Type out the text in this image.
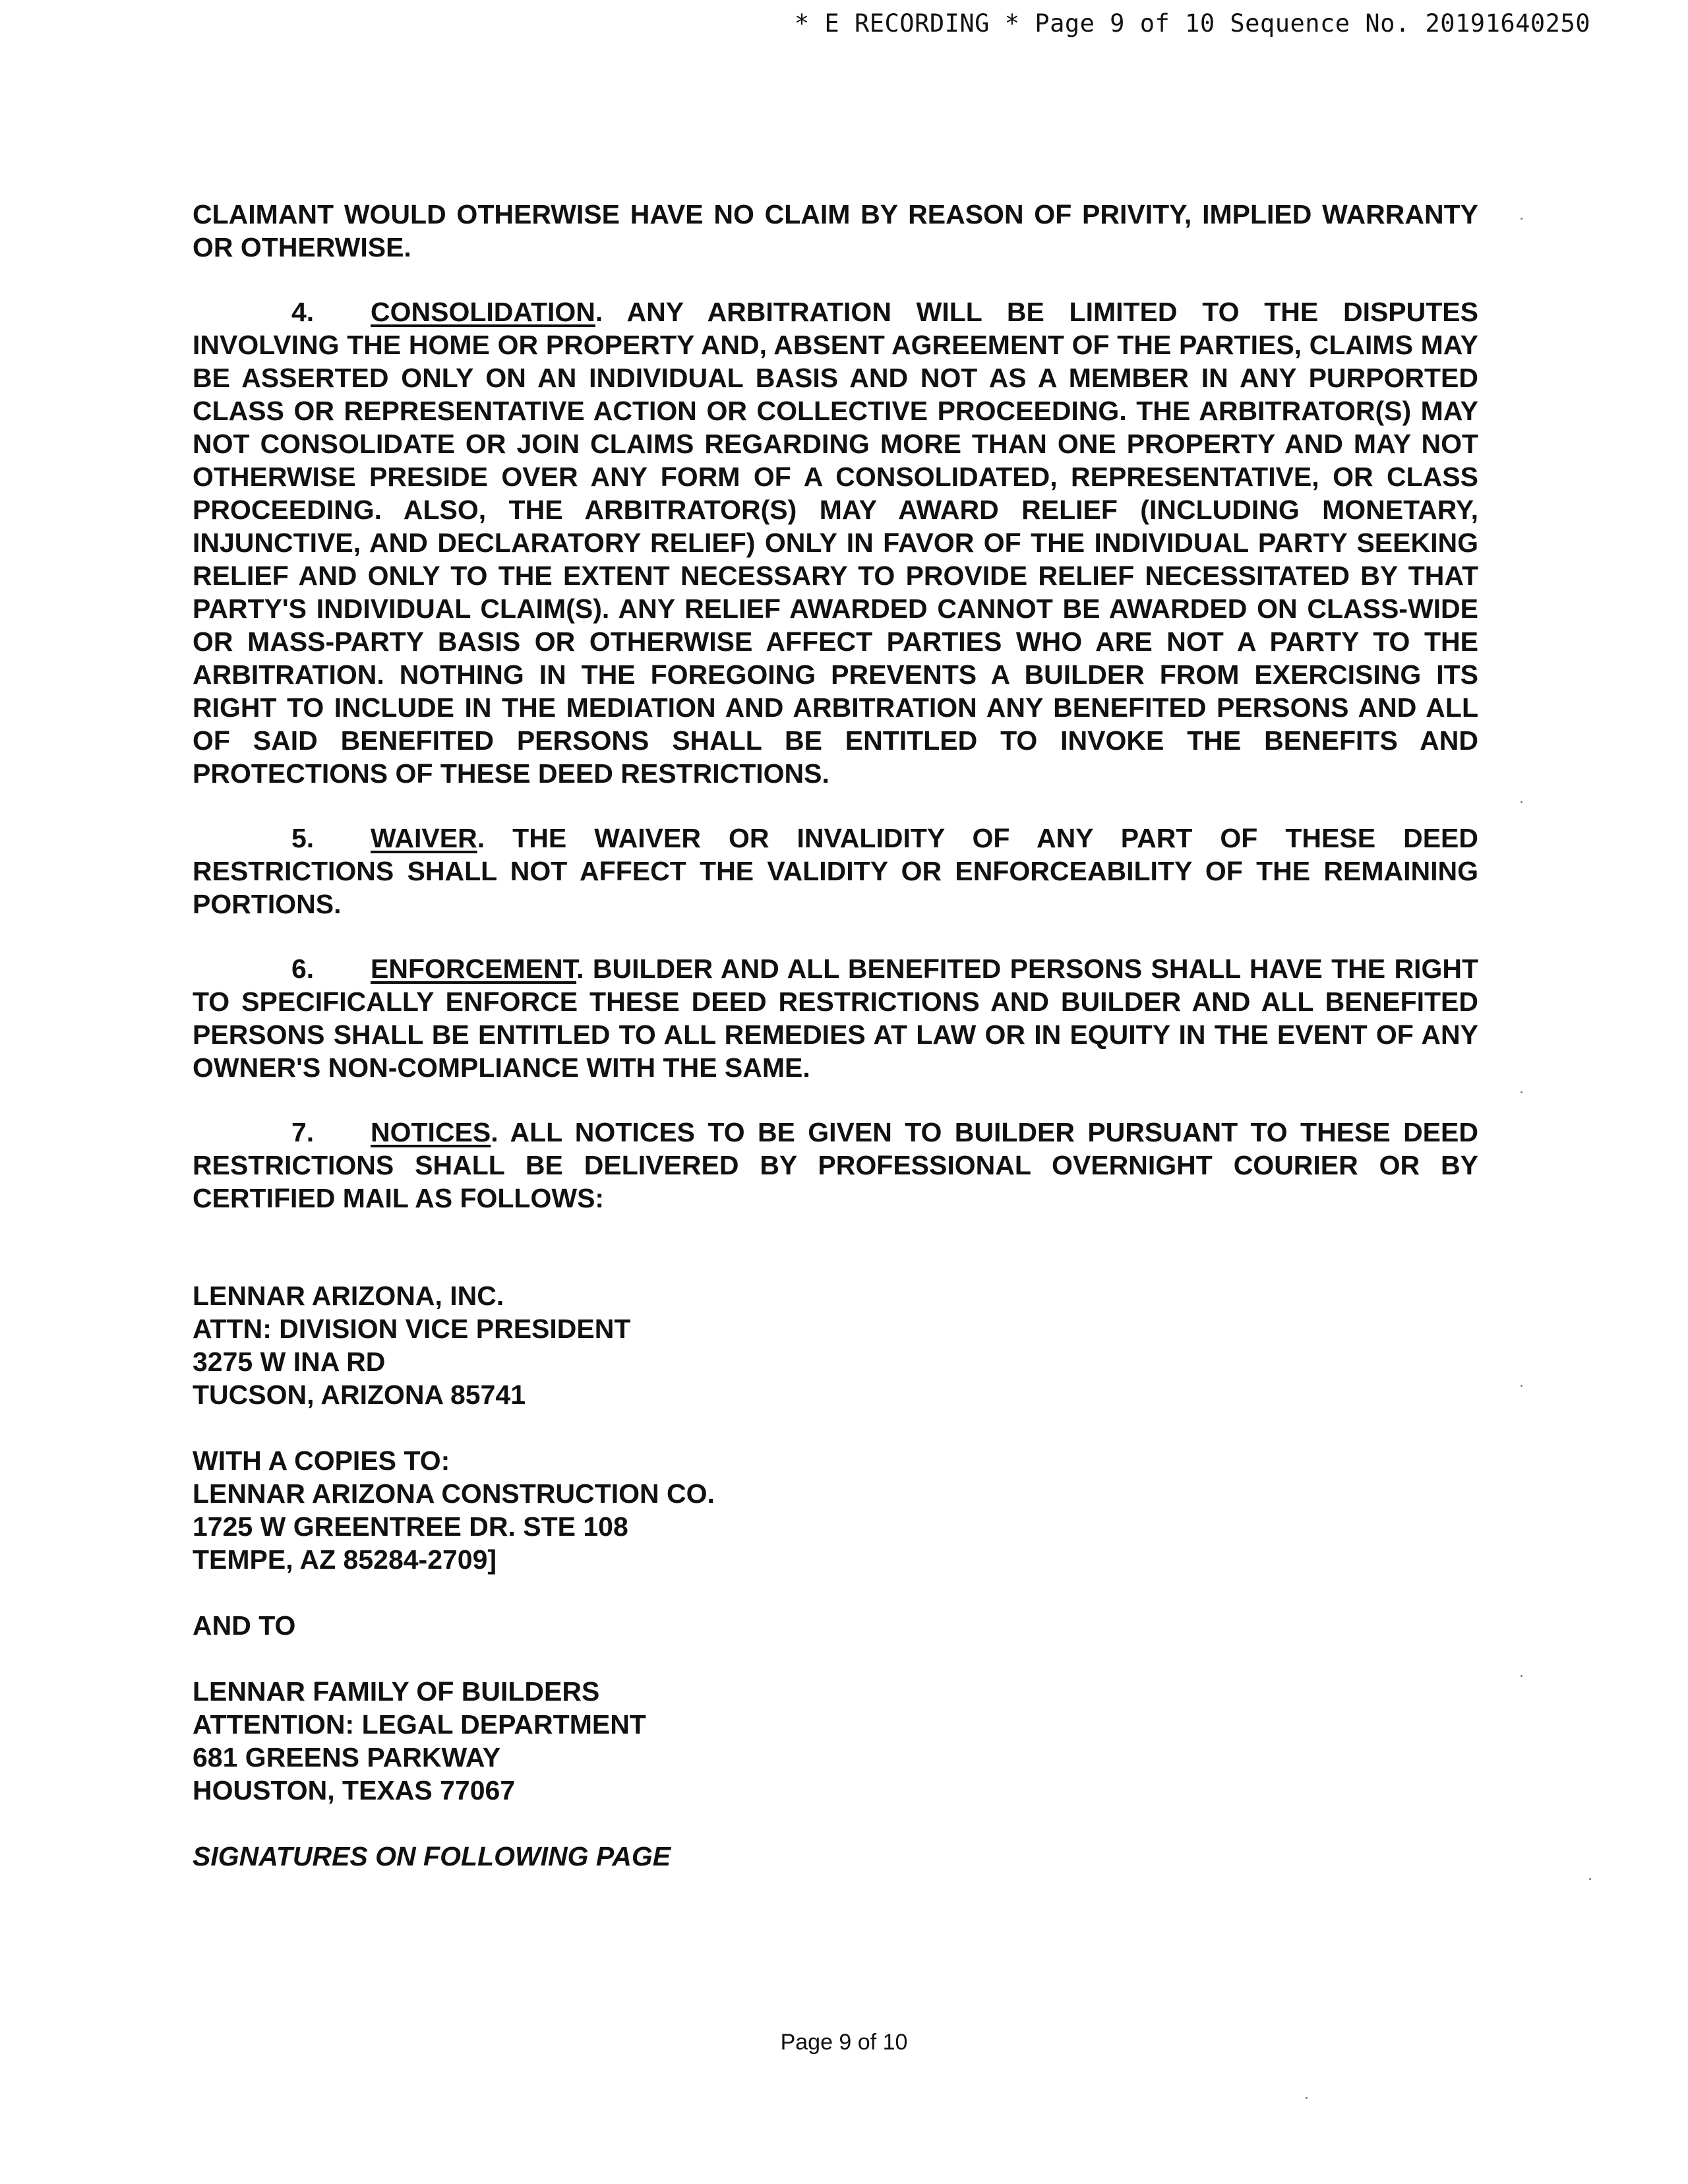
* E RECORDING * Page 9 of 10 Sequence No. 20191640250

CLAIMANT WOULD OTHERWISE HAVE NO CLAIM BY REASON OF PRIVITY, IMPLIED WARRANTY OR OTHERWISE.

4. CONSOLIDATION. ANY ARBITRATION WILL BE LIMITED TO THE DISPUTES INVOLVING THE HOME OR PROPERTY AND, ABSENT AGREEMENT OF THE PARTIES, CLAIMS MAY BE ASSERTED ONLY ON AN INDIVIDUAL BASIS AND NOT AS A MEMBER IN ANY PURPORTED CLASS OR REPRESENTATIVE ACTION OR COLLECTIVE PROCEEDING. THE ARBITRATOR(S) MAY NOT CONSOLIDATE OR JOIN CLAIMS REGARDING MORE THAN ONE PROPERTY AND MAY NOT OTHERWISE PRESIDE OVER ANY FORM OF A CONSOLIDATED, REPRESENTATIVE, OR CLASS PROCEEDING. ALSO, THE ARBITRATOR(S) MAY AWARD RELIEF (INCLUDING MONETARY, INJUNCTIVE, AND DECLARATORY RELIEF) ONLY IN FAVOR OF THE INDIVIDUAL PARTY SEEKING RELIEF AND ONLY TO THE EXTENT NECESSARY TO PROVIDE RELIEF NECESSITATED BY THAT PARTY'S INDIVIDUAL CLAIM(S). ANY RELIEF AWARDED CANNOT BE AWARDED ON CLASS-WIDE OR MASS-PARTY BASIS OR OTHERWISE AFFECT PARTIES WHO ARE NOT A PARTY TO THE ARBITRATION. NOTHING IN THE FOREGOING PREVENTS A BUILDER FROM EXERCISING ITS RIGHT TO INCLUDE IN THE MEDIATION AND ARBITRATION ANY BENEFITED PERSONS AND ALL OF SAID BENEFITED PERSONS SHALL BE ENTITLED TO INVOKE THE BENEFITS AND PROTECTIONS OF THESE DEED RESTRICTIONS.

5. WAIVER. THE WAIVER OR INVALIDITY OF ANY PART OF THESE DEED RESTRICTIONS SHALL NOT AFFECT THE VALIDITY OR ENFORCEABILITY OF THE REMAINING PORTIONS.

6. ENFORCEMENT. BUILDER AND ALL BENEFITED PERSONS SHALL HAVE THE RIGHT TO SPECIFICALLY ENFORCE THESE DEED RESTRICTIONS AND BUILDER AND ALL BENEFITED PERSONS SHALL BE ENTITLED TO ALL REMEDIES AT LAW OR IN EQUITY IN THE EVENT OF ANY OWNER'S NON-COMPLIANCE WITH THE SAME.

7. NOTICES. ALL NOTICES TO BE GIVEN TO BUILDER PURSUANT TO THESE DEED RESTRICTIONS SHALL BE DELIVERED BY PROFESSIONAL OVERNIGHT COURIER OR BY CERTIFIED MAIL AS FOLLOWS:

LENNAR ARIZONA, INC.
ATTN: DIVISION VICE PRESIDENT
3275 W INA RD
TUCSON, ARIZONA 85741
WITH A COPIES TO:
LENNAR ARIZONA CONSTRUCTION CO.
1725 W GREENTREE DR. STE 108
TEMPE, AZ 85284-2709]
AND TO
LENNAR FAMILY OF BUILDERS
ATTENTION: LEGAL DEPARTMENT
681 GREENS PARKWAY
HOUSTON, TEXAS 77067
SIGNATURES ON FOLLOWING PAGE
Page 9 of 10
